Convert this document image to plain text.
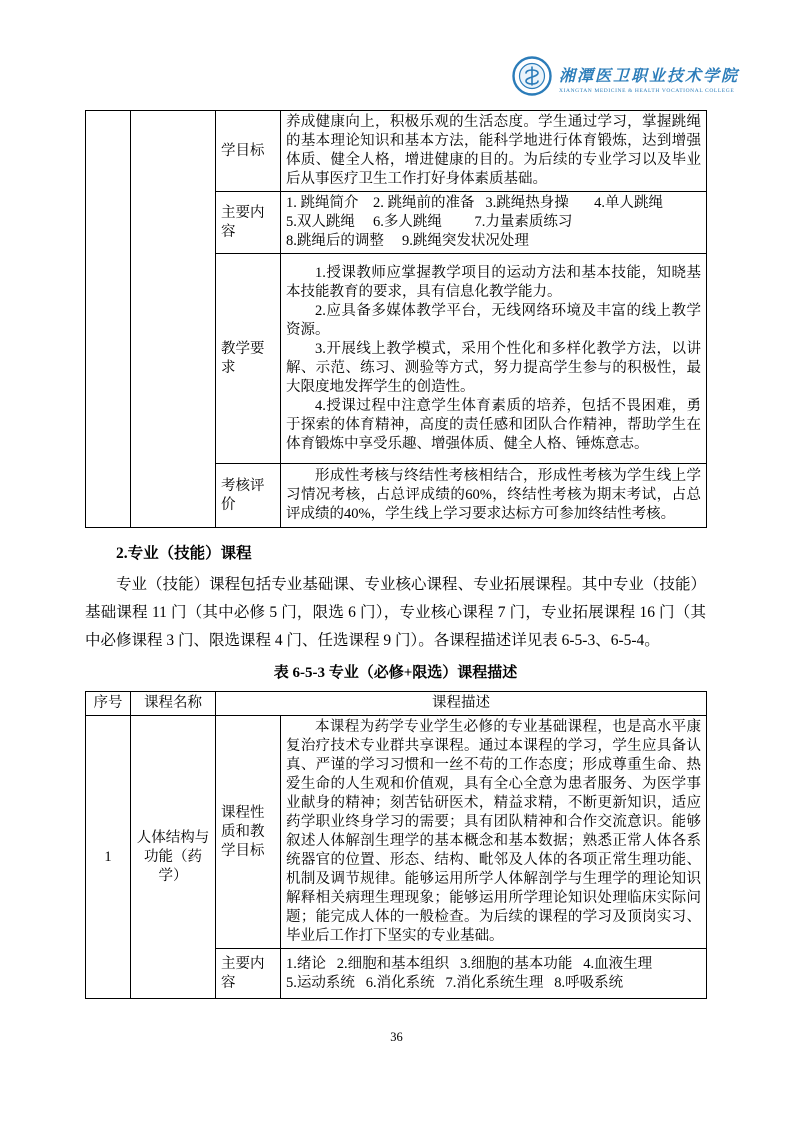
湘潭医卫职业技术学院
XIANGTAN MEDICINE & HEALTH VOCATIONAL COLLEGE
		学目标	养成健康向上，积极乐观的生活态度。学生通过学习，掌握跳绳的基本理论知识和基本方法，能科学地进行体育锻炼，达到增强体质、健全人格，增进健康的目的。为后续的专业学习以及毕业后从事医疗卫生工作打好身体素质基础。

		主要内容	1. 跳绳简介    2. 跳绳前的准备   3.跳绳热身操       4.单人跳绳
5.双人跳绳     6.多人跳绳         7.力量素质练习
8.跳绳后的调整     9.跳绳突发状况处理

		教学要求	1.授课教师应掌握教学项目的运动方法和基本技能，知晓基本技能教育的要求，具有信息化教学能力。

2.应具备多媒体教学平台，无线网络环境及丰富的线上教学资源。

3.开展线上教学模式，采用个性化和多样化教学方法，以讲解、示范、练习、测验等方式，努力提高学生参与的积极性，最大限度地发挥学生的创造性。

4.授课过程中注意学生体育素质的培养，包括不畏困难，勇于探索的体育精神，高度的责任感和团队合作精神，帮助学生在体育锻炼中享受乐趣、增强体质、健全人格、锤炼意志。

		考核评价	形成性考核与终结性考核相结合，形成性考核为学生线上学习情况考核，占总评成绩的60%，终结性考核为期末考试，占总评成绩的40%，学生线上学习要求达标方可参加终结性考核。

2.专业（技能）课程

专业（技能）课程包括专业基础课、专业核心课程、专业拓展课程。其中专业（技能）基础课程 11 门（其中必修 5 门，限选 6 门），专业核心课程 7 门，专业拓展课程 16 门（其中必修课程 3 门、限选课程 4 门、任选课程 9 门）。各课程描述详见表 6-5-3、6-5-4。

表 6-5-3 专业（必修+限选）课程描述
序号	课程名称	课程描述	
1	人体结构与功能（药学）	课程性质和教学目标	本课程为药学专业学生必修的专业基础课程，也是高水平康复治疗技术专业群共享课程。通过本课程的学习，学生应具备认真、严谨的学习习惯和一丝不苟的工作态度；形成尊重生命、热爱生命的人生观和价值观，具有全心全意为患者服务、为医学事业献身的精神；刻苦钻研医术，精益求精，不断更新知识，适应药学职业终身学习的需要；具有团队精神和合作交流意识。能够叙述人体解剖生理学的基本概念和基本数据；熟悉正常人体各系统器官的位置、形态、结构、毗邻及人体的各项正常生理功能、机制及调节规律。能够运用所学人体解剖学与生理学的理论知识解释相关病理生理现象；能够运用所学理论知识处理临床实际问题；能完成人体的一般检查。为后续的课程的学习及顶岗实习、毕业后工作打下坚实的专业基础。

		主要内容	1.绪论   2.细胞和基本组织   3.细胞的基本功能   4.血液生理
5.运动系统   6.消化系统   7.消化系统生理   8.呼吸系统
36
